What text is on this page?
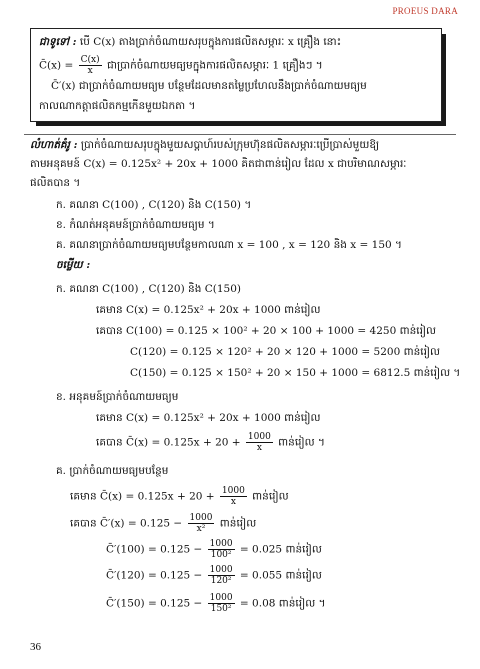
PROEUS DARA
ជាទូទៅ : បើ C(x) តាងប្រាក់ចំណាយសរុបក្នុងការផលិតសម្ភារៈ x គ្រឿង នោះ
C̄(x) = $\frac{C(x)}{x}$ ជាប្រាក់ចំណាយមធ្យមក្នុងការផលិតសម្ភារៈ 1 គ្រឿងៗ ។
C̄′(x) ជាប្រាក់ចំណាយមធ្យម បន្ថែមដែលមានតម្លៃប្រហែលនឹងប្រាក់ចំណាយមធ្យម
កាលណាកត្តាផលិតកម្មកើនមួយឯកតា ។
លំហាត់គំរូ : ប្រាក់ចំណាយសរុបក្នុងមួយសប្តាហ៍របស់ក្រុមហ៊ុនផលិតសម្ភារៈប្រើប្រាស់មួយឱ្យ
តាមអនុគមន៍ C(x) = 0.125x² + 20x + 1000 គិតជាពាន់រៀល ដែល x ជាបរិមាណសម្ភារៈ
ផលិតបាន ។
ក. គណនា C(100) , C(120) និង C(150) ។
ខ. កំណត់អនុគមន៍ប្រាក់ចំណាយមធ្យម ។
គ. គណនាប្រាក់ចំណាយមធ្យមបន្ថែមកាលណា x = 100 , x = 120 និង x = 150 ។
ចម្លើយ :
ក. គណនា C(100) , C(120) និង C(150)
គេមាន C(x) = 0.125x² + 20x + 1000 ពាន់រៀល
គេបាន C(100) = 0.125 × 100² + 20 × 100 + 1000 = 4250 ពាន់រៀល
C(120) = 0.125 × 120² + 20 × 120 + 1000 = 5200 ពាន់រៀល
C(150) = 0.125 × 150² + 20 × 150 + 1000 = 6812.5 ពាន់រៀល ។
ខ. អនុគមន៍ប្រាក់ចំណាយមធ្យម
គេមាន C(x) = 0.125x² + 20x + 1000 ពាន់រៀល
គេបាន C̄(x) = $0.125x + 20 + \frac{1000}{x}$ ពាន់រៀល ។
គ. ប្រាក់ចំណាយមធ្យមបន្ថែម
គេមាន C̄(x) = $0.125x + 20 + \frac{1000}{x}$ ពាន់រៀល
គេបាន C̄′(x) = $0.125 - \frac{1000}{\text{x²}}$ ពាន់រៀល
C̄′(100) = $0.125 - \frac{1000}{\text{100²}} = 0.025$ ពាន់រៀល
C̄′(120) = $0.125 - \frac{1000}{\text{120²}} = 0.055$ ពាន់រៀល
C̄′(150) = $0.125 - \frac{1000}{\text{150²}} = 0.08$ ពាន់រៀល ។
36
